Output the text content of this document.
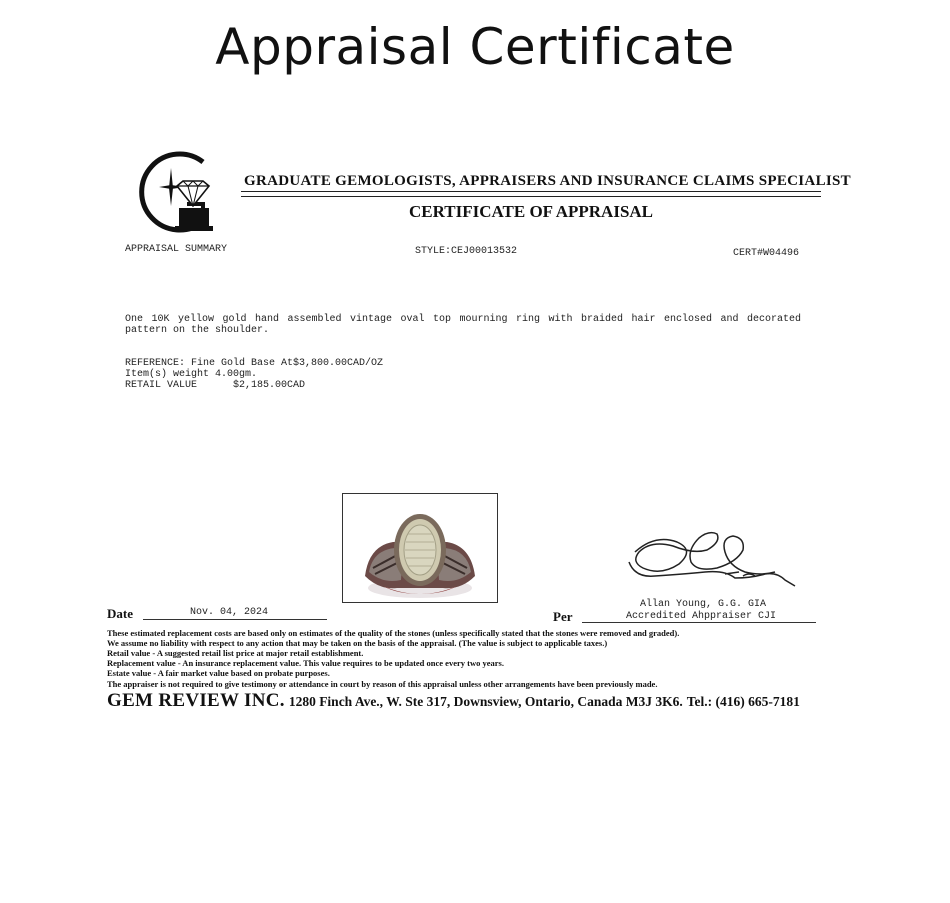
Appraisal Certificate
GRADUATE GEMOLOGISTS, APPRAISERS AND INSURANCE CLAIMS SPECIALIST
CERTIFICATE OF APPRAISAL
APPRAISAL SUMMARY	STYLE:CEJ00013532	CERT#W04496
One 10K yellow gold hand assembled vintage oval top mourning ring with braided hair enclosed and decorated pattern on the shoulder.
REFERENCE: Fine Gold Base At$3,800.00CAD/OZ
Item(s) weight 4.00gm.
RETAIL VALUE	$2,185.00CAD
Allan Young, G.G. GIA
Accredited Ahppraiser CJI
Date	Nov. 04, 2024	Per
These estimated replacement costs are based only on estimates of the quality of the stones (unless specifically stated that the stones were removed and graded).
We assume no liability with respect to any action that may be taken on the basis of the appraisal. (The value is subject to applicable taxes.)
Retail value - A suggested retail list price at major retail establishment.
Replacement value - An insurance replacement value. This value requires to be updated once every two years.
Estate value - A fair market value based on probate purposes.
The appraiser is not required to give testimony or attendance in court by reason of this appraisal unless other arrangements have been previously made.
GEM REVIEW INC. 1280 Finch Ave., W. Ste 317, Downsview, Ontario, Canada M3J 3K6. Tel.: (416) 665-7181
